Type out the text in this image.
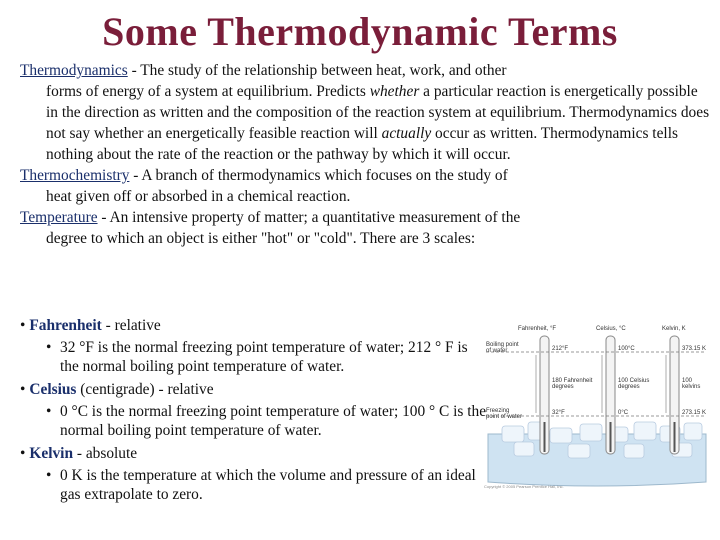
Some Thermodynamic Terms
Thermodynamics - The study of the relationship between heat, work, and other
forms of energy of a system at equilibrium. Predicts whether a particular reaction is energetically possible in the direction as written and the composition of the reaction system at equilibrium. Thermodynamics does not say whether an energetically feasible reaction will actually occur as written. Thermodynamics tells nothing about the rate of the reaction or the pathway by which it will occur.
Thermochemistry - A branch of thermodynamics which focuses on the study of
heat given off or absorbed in a chemical reaction.
Temperature - An intensive property of matter; a quantitative measurement of the
degree to which an object is either "hot" or "cold". There are 3 scales:
• Fahrenheit - relative
• 32 °F is the normal freezing point temperature of water; 212 ° F is the normal boiling point temperature of water.
• Celsius (centigrade) - relative
• 0 °C is the normal freezing point temperature of water; 100 ° C is the normal boiling point temperature of water.
• Kelvin - absolute
• 0 K is the temperature at which the volume and pressure of an ideal gas extrapolate to zero.
Fahrenheit, °F	Celsius, °C	Kelvin, K
Boiling point of water
Freezing point of water
212°F	100°C	373.15 K
32°F	0°C	273.15 K
180 Fahrenheit degrees
100 Celsius degrees
100 kelvins
Copyright © 2005 Pearson Prentice Hall, Inc.
